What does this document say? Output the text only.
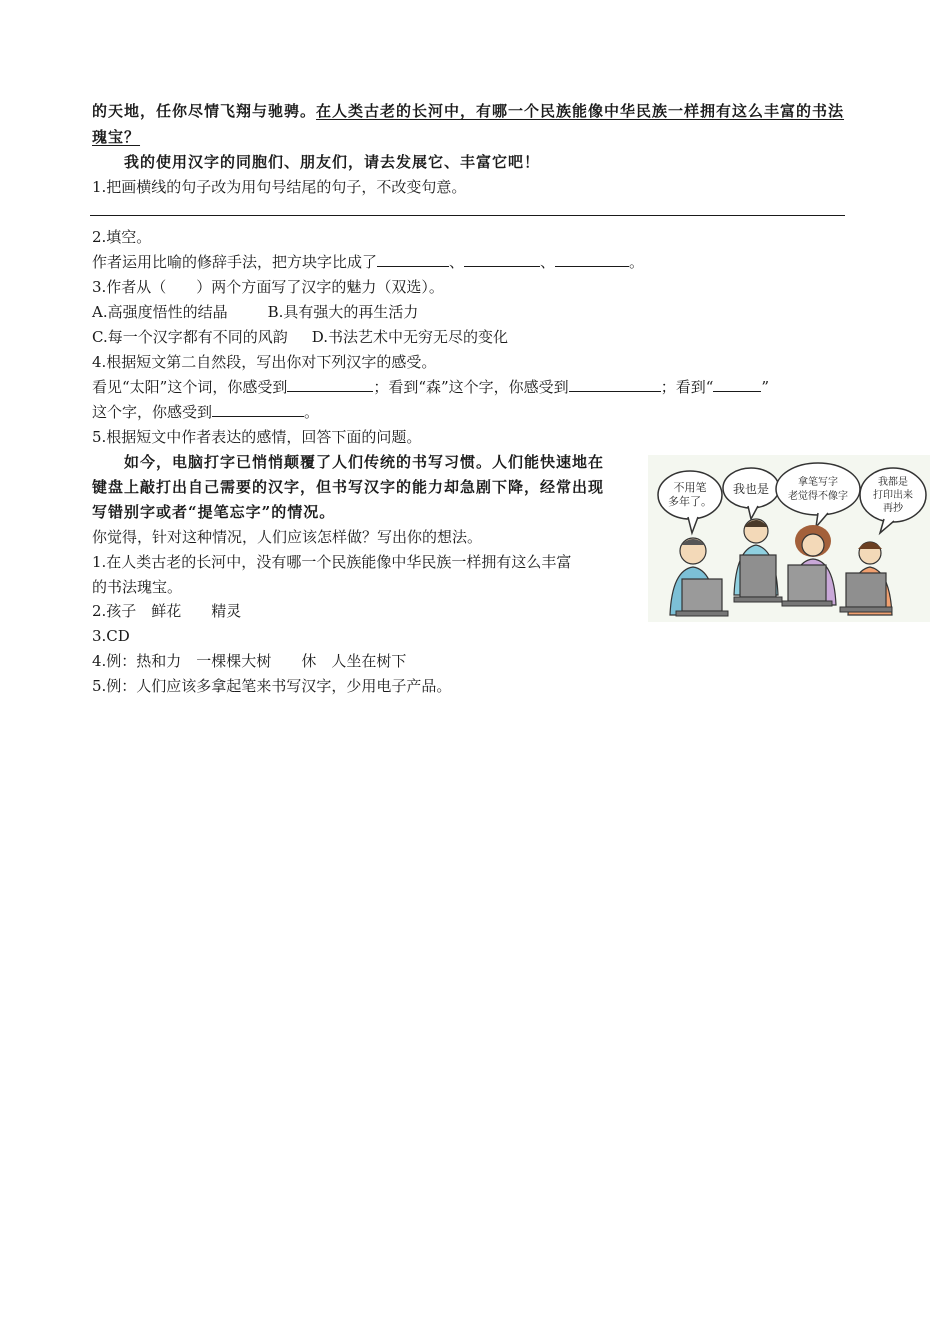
的天地，任你尽情飞翔与驰骋。在人类古老的长河中，有哪一个民族能像中华民族一样拥有这么丰富的书法
瑰宝？
我的使用汉字的同胞们、朋友们，请去发展它、丰富它吧！
1.把画横线的句子改为用句号结尾的句子，不改变句意。
2.填空。
作者运用比喻的修辞手法，把方块字比成了	、	、	。
3.作者从（　　）两个方面写了汉字的魅力（双选）。
A.高强度悟性的结晶	B.具有强大的再生活力
C.每一个汉字都有不同的风韵 D.书法艺术中无穷无尽的变化
4.根据短文第二自然段，写出你对下列汉字的感受。
看见“太阳”这个词，你感受到	；看到“森”这个字，你感受到	；看到“	”
这个字，你感受到	。
5.根据短文中作者表达的感情，回答下面的问题。
如今，电脑打字已悄悄颠覆了人们传统的书写习惯。人们能快速地在
键盘上敲打出自己需要的汉字，但书写汉字的能力却急剧下降，经常出现
写错别字或者“提笔忘字”的情况。
你觉得，针对这种情况，人们应该怎样做？写出你的想法。
1.在人类古老的长河中，没有哪一个民族能像中华民族一样拥有这么丰富
的书法瑰宝。
2.孩子　鲜花　　精灵
3.CD
4.例：热和力　一棵棵大树　　休　人坐在树下
5.例：人们应该多拿起笔来书写汉字，少用电子产品。
不用笔
多年了。
我也是	拿笔写字
老觉得不像字
我都是
打印出来
再抄
